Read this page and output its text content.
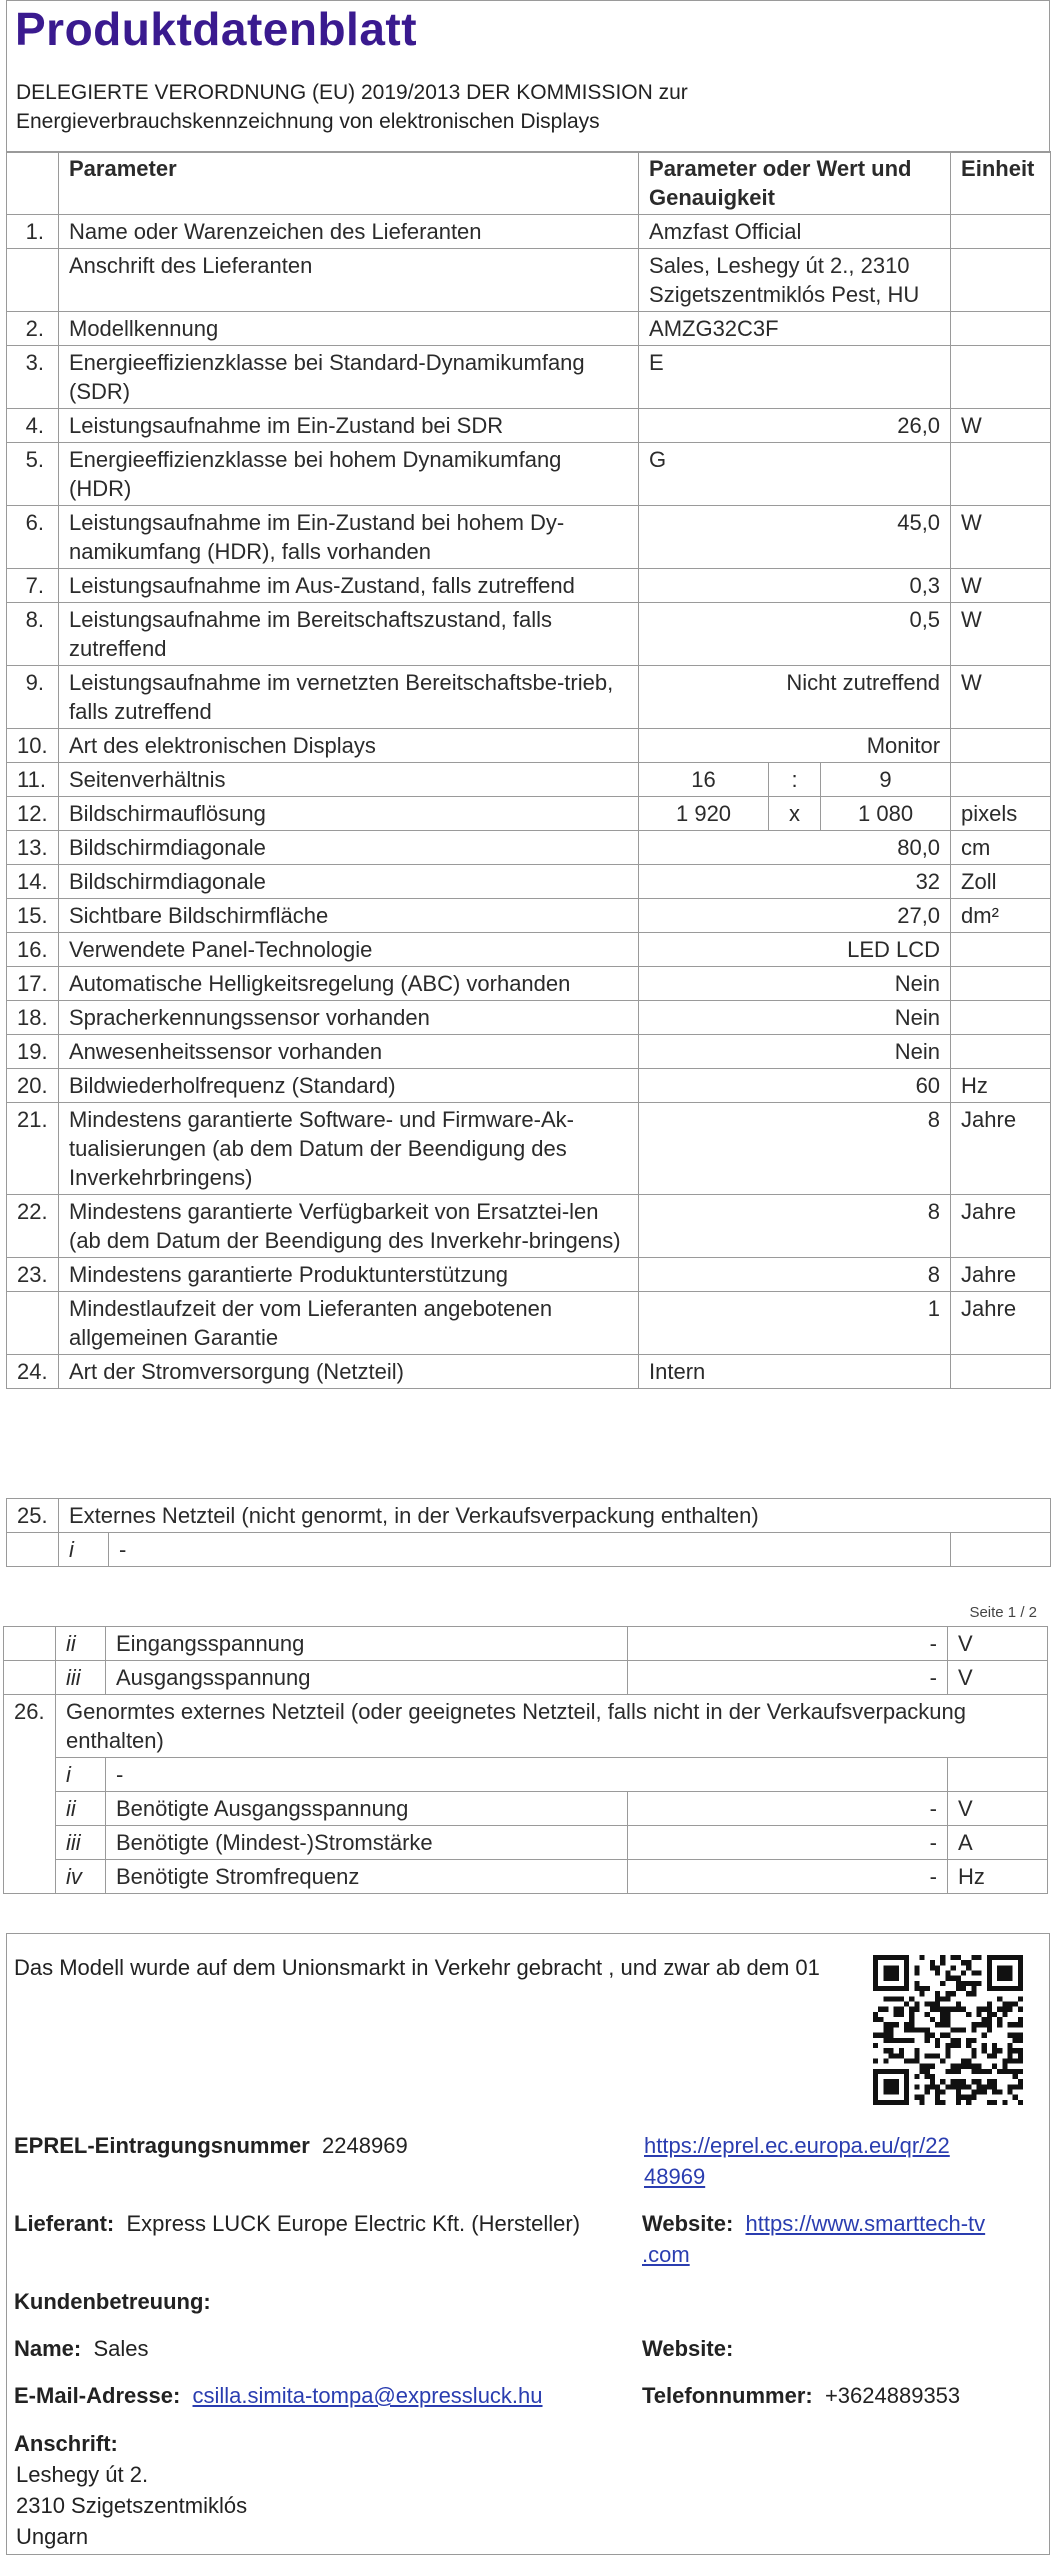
Produktdatenblatt
DELEGIERTE VERORDNUNG (EU) 2019/2013 DER KOMMISSION zur
Energieverbrauchskennzeichnung von elektronischen Displays
	Parameter	Parameter oder Wert und Genauigkeit			Einheit
1.	Name oder Warenzeichen des Lieferanten	Amzfast Official			
	Anschrift des Lieferanten	Sales, Leshegy út 2., 2310 Szigetszentmiklós Pest, HU			
2.	Modellkennung	AMZG32C3F			
3.	Energieeffizienzklasse bei Standard-Dynamikumfang (SDR)	E			
4.	Leistungsaufnahme im Ein-Zustand bei SDR	26,0			W
5.	Energieeffizienzklasse bei hohem Dynamikumfang (HDR)	G			
6.	Leistungsaufnahme im Ein-Zustand bei hohem Dy-namikumfang (HDR), falls vorhanden	45,0			W
7.	Leistungsaufnahme im Aus-Zustand, falls zutreffend	0,3			W
8.	Leistungsaufnahme im Bereitschaftszustand, falls zutreffend	0,5			W
9.	Leistungsaufnahme im vernetzten Bereitschaftsbe-trieb, falls zutreffend	Nicht zutreffend			W
10.	Art des elektronischen Displays	Monitor			
11.	Seitenverhältnis	16	:	9	
12.	Bildschirmauflösung	1 920	x	1 080	pixels
13.	Bildschirmdiagonale	80,0			cm
14.	Bildschirmdiagonale	32			Zoll
15.	Sichtbare Bildschirmfläche	27,0			dm²
16.	Verwendete Panel-Technologie	LED LCD			
17.	Automatische Helligkeitsregelung (ABC) vorhanden	Nein			
18.	Spracherkennungssensor vorhanden	Nein			
19.	Anwesenheitssensor vorhanden	Nein			
20.	Bildwiederholfrequenz (Standard)	60			Hz
21.	Mindestens garantierte Software- und Firmware-Ak-tualisierungen (ab dem Datum der Beendigung des Inverkehrbringens)	8			Jahre
22.	Mindestens garantierte Verfügbarkeit von Ersatztei-len (ab dem Datum der Beendigung des Inverkehr-bringens)	8			Jahre
23.	Mindestens garantierte Produktunterstützung	8			Jahre
	Mindestlaufzeit der vom Lieferanten angebotenen allgemeinen Garantie	1			Jahre
24.	Art der Stromversorgung (Netzteil)	Intern			
25.	Externes Netzteil (nicht genormt, in der Verkaufsverpackung enthalten)		
	i	-	
Seite 1 / 2
	ii	Eingangsspannung	-	V
	iii	Ausgangsspannung	-	V
26.	Genormtes externes Netzteil (oder geeignetes Netzteil, falls nicht in der Verkaufsverpackung enthalten)			
	i	-		
	ii	Benötigte Ausgangsspannung	-	V
	iii	Benötigte (Mindest-)Stromstärke	-	A
	iv	Benötigte Stromfrequenz	-	Hz
Das Modell wurde auf dem Unionsmarkt in Verkehr gebracht , und zwar ab dem 01
EPREL-Eintragungsnummer 2248969	https://eprel.ec.europa.eu/qr/22
48969
Lieferant: Express LUCK Europe Electric Kft. (Hersteller)	Website: https://www.smarttech-tv
.com
Kundenbetreuung:
Name: Sales	Website:
E-Mail-Adresse: csilla.simita-tompa@expressluck.hu	Telefonnummer: +3624889353
Anschrift:
Leshegy út 2.
2310 Szigetszentmiklós
Ungarn
